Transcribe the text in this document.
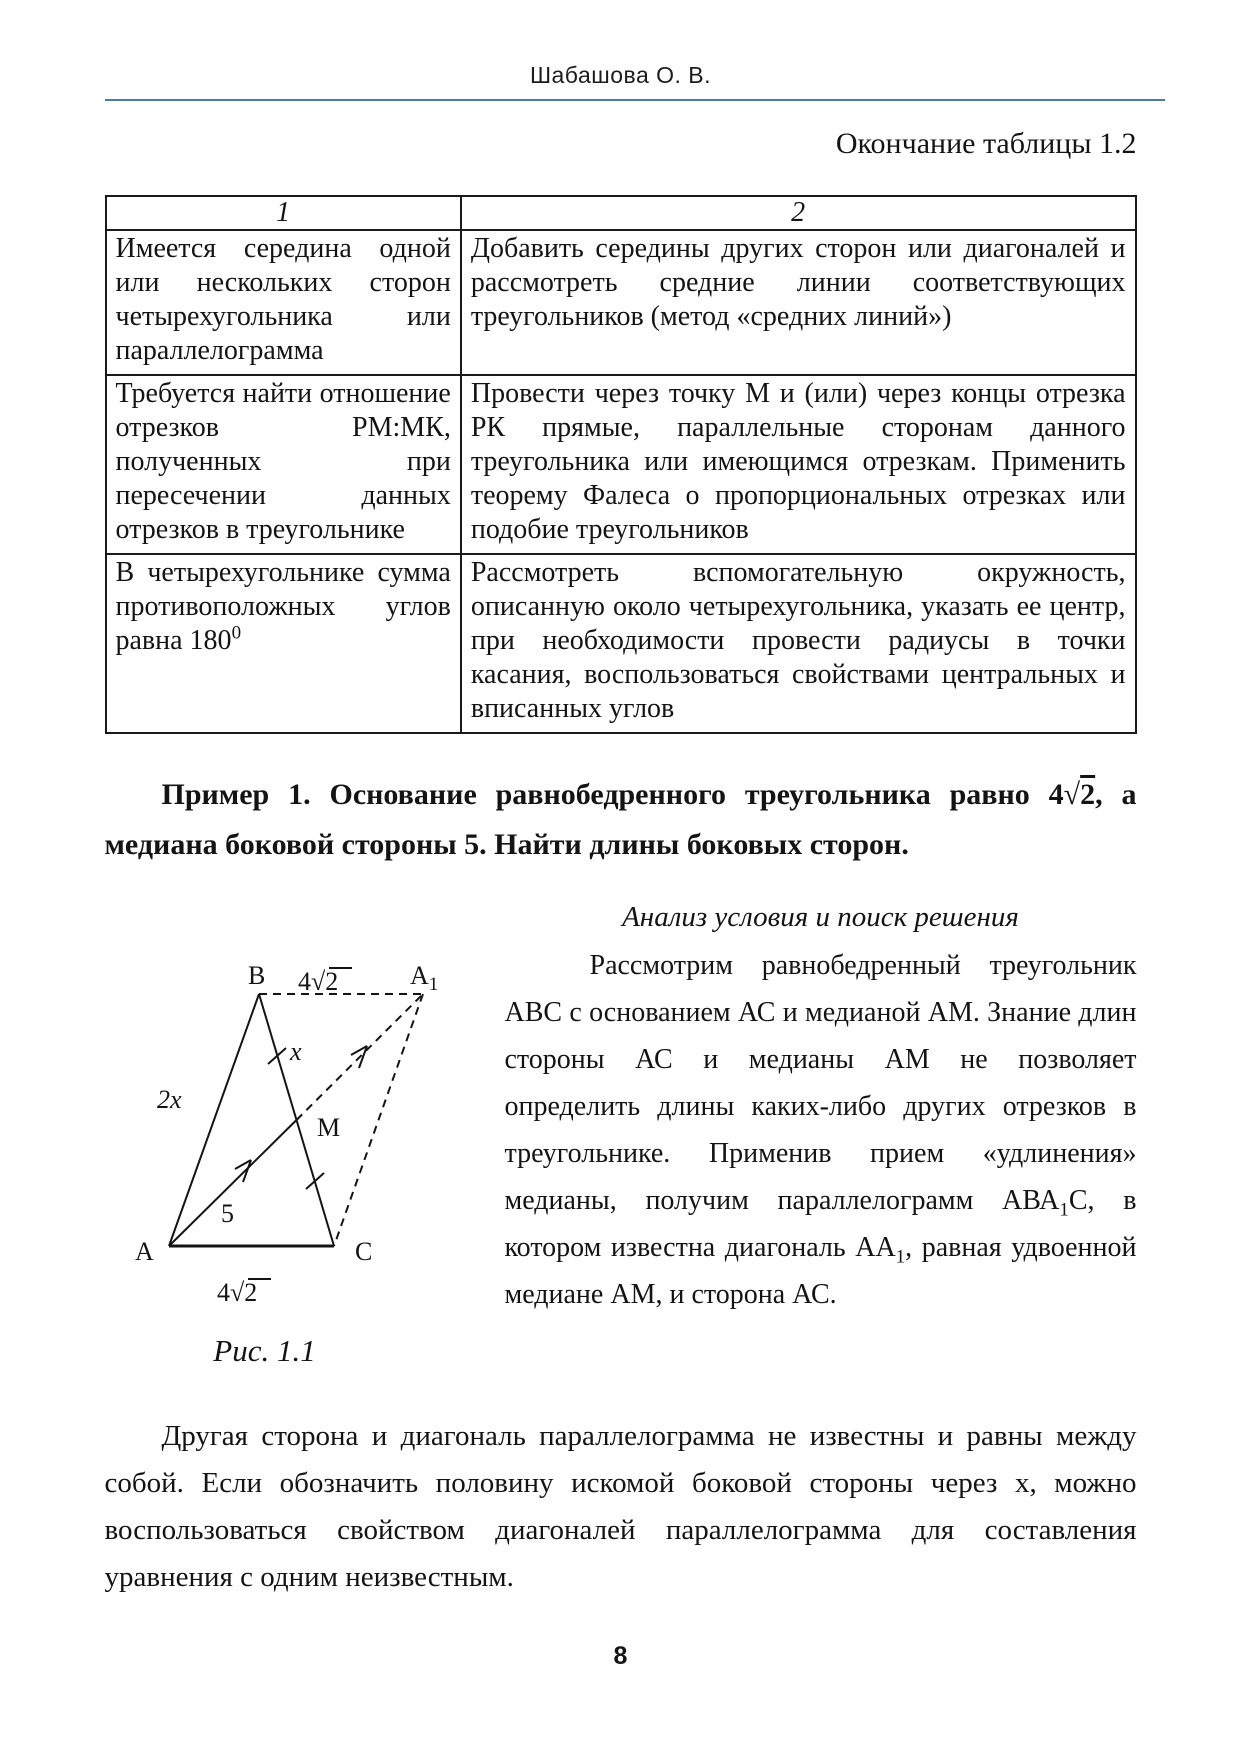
Шабашова О. В.
Окончание таблицы 1.2
1	2
Имеется середина одной или нескольких сторон четырехугольника или параллелограмма	Добавить середины других сторон или диагоналей и рассмотреть средние линии соответствующих треугольников (метод «средних линий»)
Требуется найти отношение отрезков РМ:МК, полученных при пересечении данных отрезков в треугольнике	Провести через точку М и (или) через концы отрезка РК прямые, параллельные сторонам данного треугольника или имеющимся отрезкам. Применить теорему Фалеса о пропорциональных отрезках или подобие треугольников
В четырехугольнике сумма противоположных углов равна $180^0$	Рассмотреть вспомогательную окружность, описанную около четырехугольника, указать ее центр, при необходимости провести радиусы в точки касания, воспользоваться свойствами центральных и вписанных углов

Пример 1. Основание равнобедренного треугольника равно 4√2, а медиана боковой стороны 5. Найти длины боковых сторон.

B 4√2	$A_1$
x
2x
M
5
A	C
4√2
Рис. 1.1
Анализ условия и поиск решения

Рассмотрим равнобедренный треугольник АВС с основанием АС и медианой АМ. Знание длин стороны АС и медианы АМ не позволяет определить длины каких-либо других отрезков в треугольнике. Применив прием «удлинения» медианы, получим параллелограмм $АВА_1С$, в котором известна диагональ $АА_1$, равная удвоенной медиане АМ, и сторона АС.

Другая сторона и диагональ параллелограмма не известны и равны между собой. Если обозначить половину искомой боковой стороны через х, можно воспользоваться свойством диагоналей параллелограмма для составления уравнения с одним неизвестным.

8
